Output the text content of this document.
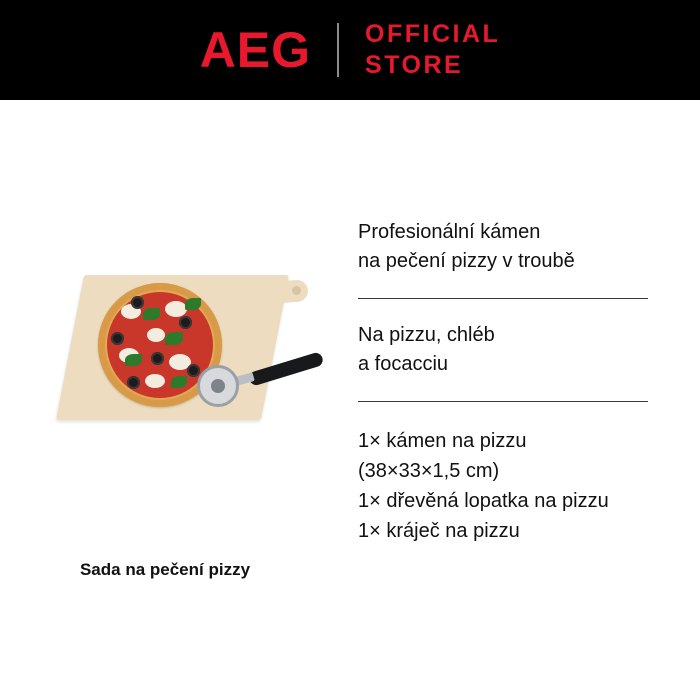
AEG OFFICIAL
STORE
Sada na pečení pizzy
Profesionální kámen
na pečení pizzy v troubě
Na pizzu, chléb
a focacciu
1× kámen na pizzu
(38×33×1,5 cm)
1× dřevěná lopatka na pizzu
1× kráječ na pizzu
